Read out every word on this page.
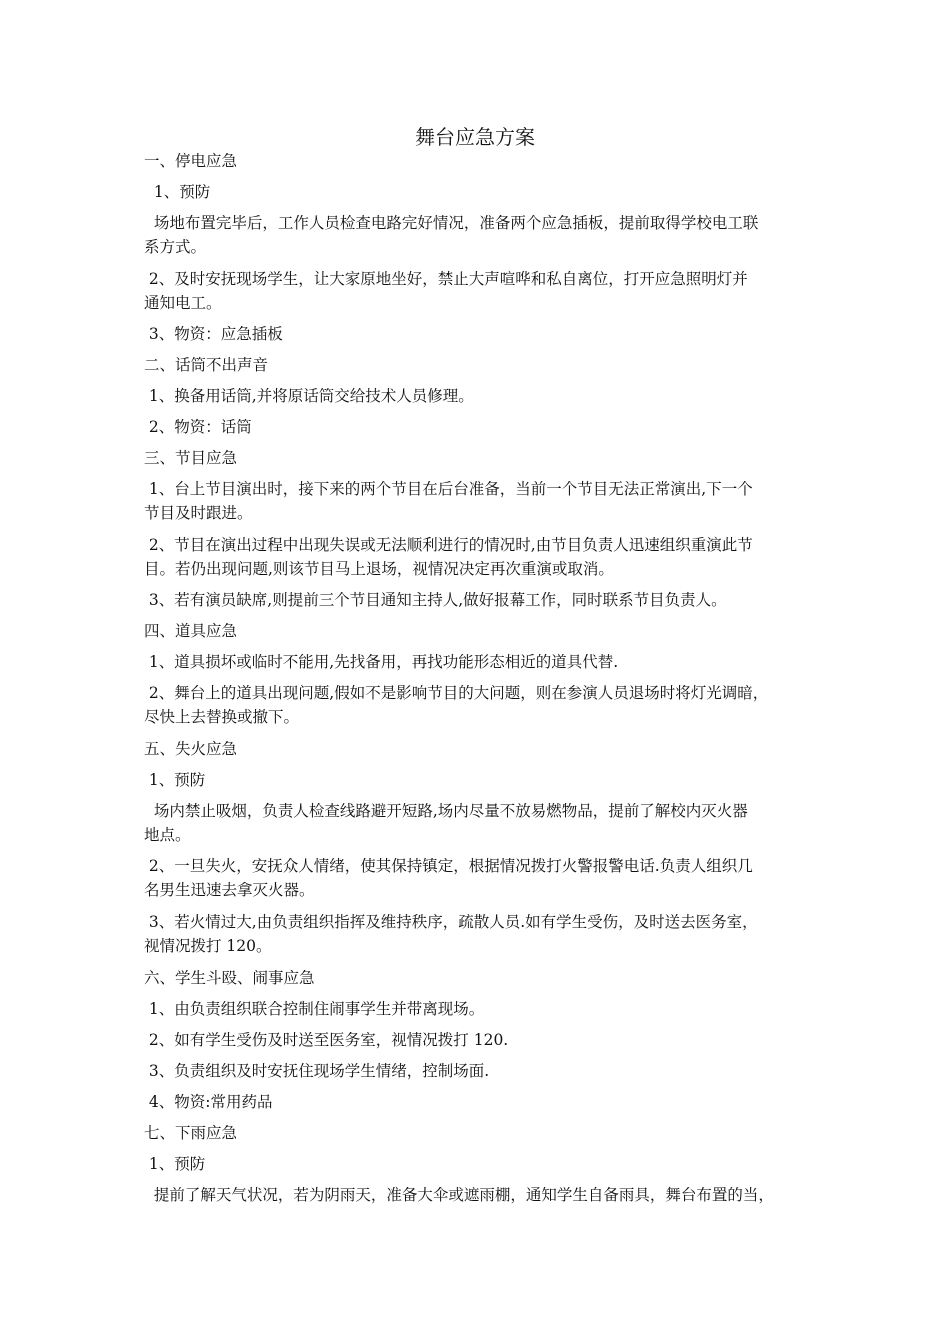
舞台应急方案
一、停电应急
1、预防
场地布置完毕后，工作人员检查电路完好情况，准备两个应急插板，提前取得学校电工联
系方式。
2、及时安抚现场学生，让大家原地坐好，禁止大声喧哗和私自离位，打开应急照明灯并
通知电工。
3、物资：应急插板
二、话筒不出声音
1、换备用话筒,并将原话筒交给技术人员修理。
2、物资：话筒
三、节目应急
1、台上节目演出时，接下来的两个节目在后台准备，当前一个节目无法正常演出,下一个
节目及时跟进。
2、节目在演出过程中出现失误或无法顺利进行的情况时,由节目负责人迅速组织重演此节
目。若仍出现问题,则该节目马上退场，视情况决定再次重演或取消。
3、若有演员缺席,则提前三个节目通知主持人,做好报幕工作，同时联系节目负责人。
四、道具应急
1、道具损坏或临时不能用,先找备用，再找功能形态相近的道具代替.
2、舞台上的道具出现问题,假如不是影响节目的大问题，则在参演人员退场时将灯光调暗，
尽快上去替换或撤下。
五、失火应急
1、预防
场内禁止吸烟，负责人检查线路避开短路,场内尽量不放易燃物品，提前了解校内灭火器
地点。
2、一旦失火，安抚众人情绪，使其保持镇定，根据情况拨打火警报警电话.负责人组织几
名男生迅速去拿灭火器。
3、若火情过大,由负责组织指挥及维持秩序，疏散人员.如有学生受伤，及时送去医务室，
视情况拨打 120。
六、学生斗殴、闹事应急
1、由负责组织联合控制住闹事学生并带离现场。
2、如有学生受伤及时送至医务室，视情况拨打 120.
3、负责组织及时安抚住现场学生情绪，控制场面.
4、物资:常用药品
七、下雨应急
1、预防
提前了解天气状况，若为阴雨天，准备大伞或遮雨棚，通知学生自备雨具，舞台布置的当，
